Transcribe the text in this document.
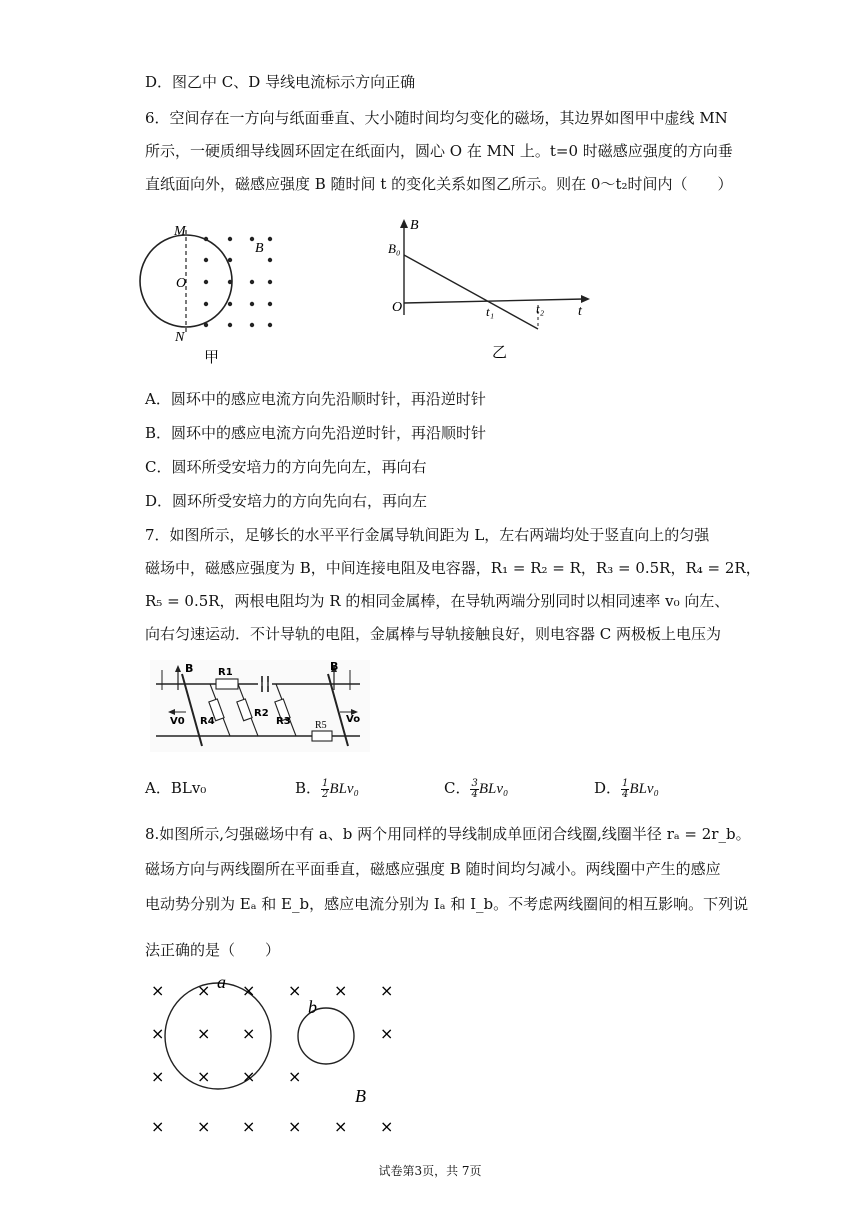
D．图乙中 C、D 导线电流标示方向正确
6．空间存在一方向与纸面垂直、大小随时间均匀变化的磁场，其边界如图甲中虚线 MN
所示，一硬质细导线圆环固定在纸面内，圆心 O 在 MN 上。t=0 时磁感应强度的方向垂
直纸面向外，磁感应强度 B 随时间 t 的变化关系如图乙所示。则在 0～t₂时间内（　　）
M
N
O
B
甲
B
B₀
O	t₁	t₂ t
乙
A．圆环中的感应电流方向先沿顺时针，再沿逆时针
B．圆环中的感应电流方向先沿逆时针，再沿顺时针
C．圆环所受安培力的方向先向左，再向右
D．圆环所受安培力的方向先向右，再向左
7．如图所示，足够长的水平平行金属导轨间距为 L，左右两端均处于竖直向上的匀强
磁场中，磁感应强度为 B，中间连接电阻及电容器，R₁ = R₂ = R，R₃ = 0.5R，R₄ = 2R，
R₅ = 0.5R，两根电阻均为 R 的相同金属棒，在导轨两端分别同时以相同速率 v₀ 向左、
向右匀速运动．不计导轨的电阻，金属棒与导轨接触良好，则电容器 C 两极板上电压为
B	B
R1
R4
R2
R3 R5
V0	Vo
A．BLv₀	B． $\frac{1}{2} BLv_0$	C． $\frac{3}{4} BLv_0$	D． $\frac{1}{4} BLv_0$
8.如图所示,匀强磁场中有 a、b 两个用同样的导线制成单匝闭合线圈,线圈半径 rₐ = 2r_b。
磁场方向与两线圈所在平面垂直，磁感应强度 B 随时间均匀减小。两线圈中产生的感应
电动势分别为 Eₐ 和 E_b，感应电流分别为 Iₐ 和 I_b。不考虑两线圈间的相互影响。下列说
法正确的是（　　）
× × × × × ×
× × ×	×
× × × ×
× × × × × ×
a
b
B
试卷第3页，共 7页
